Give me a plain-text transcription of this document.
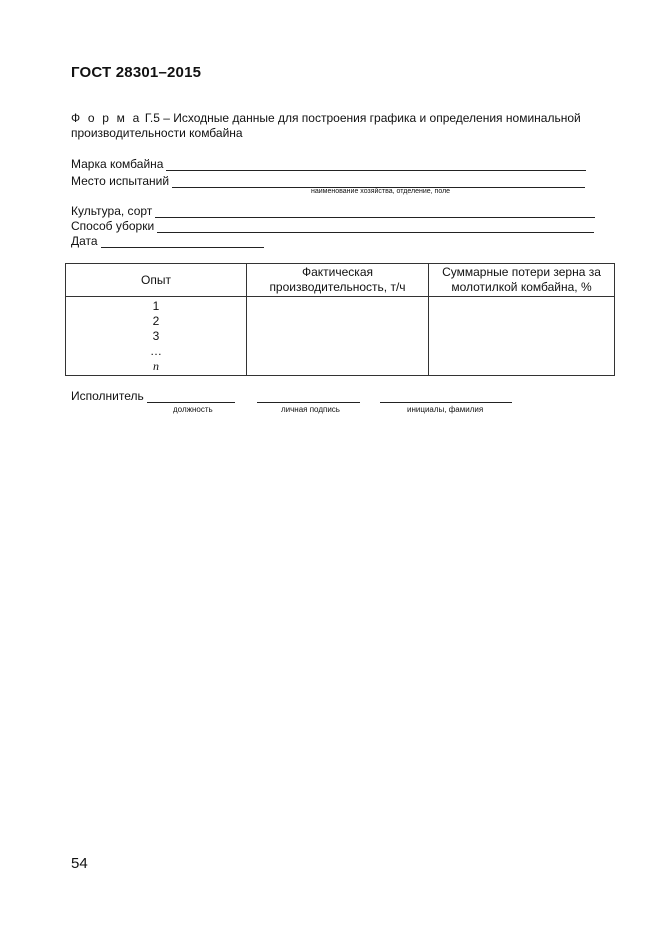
ГОСТ 28301–2015
Ф о р м а Г.5 – Исходные данные для построения графика и определения номинальной производительности комбайна
Марка комбайна
Место испытаний
наименование хозяйства, отделение, поле
Культура, сорт
Способ уборки
Дата
Опыт	Фактическая производительность, т/ч	Суммарные потери зерна за молотилкой комбайна, %

1
2
3
…
n		

Исполнитель
должность	личная подпись	инициалы, фамилия
54
